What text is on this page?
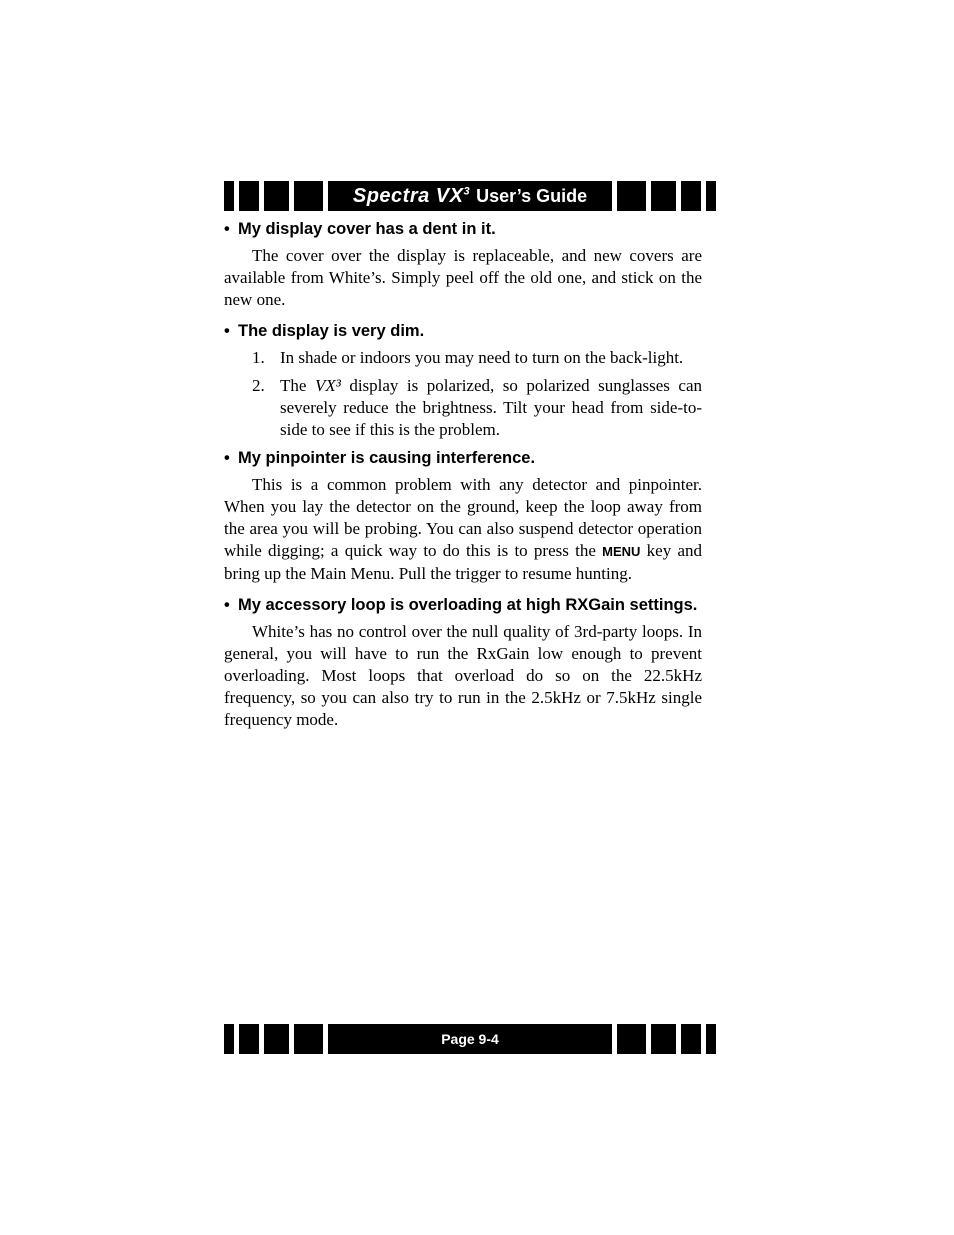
Spectra $VX^3$ User’s Guide
• My display cover has a dent in it.

The cover over the display is replaceable, and new covers are available from White’s. Simply peel off the old one, and stick on the new one.

• The display is very dim.
1. In shade or indoors you may need to turn on the back-light.
2. The VX³ display is polarized, so polarized sunglasses can severely reduce the brightness. Tilt your head from side-to-side to see if this is the problem.
• My pinpointer is causing interference.

This is a common problem with any detector and pinpointer. When you lay the detector on the ground, keep the loop away from the area you will be probing. You can also suspend detector operation while digging; a quick way to do this is to press the MENU key and bring up the Main Menu. Pull the trigger to resume hunting.

• My accessory loop is overloading at high RXGain settings.

White’s has no control over the null quality of 3rd-party loops. In general, you will have to run the RxGain low enough to prevent overloading. Most loops that overload do so on the 22.5kHz frequency, so you can also try to run in the 2.5kHz or 7.5kHz single frequency mode.

Page 9-4
